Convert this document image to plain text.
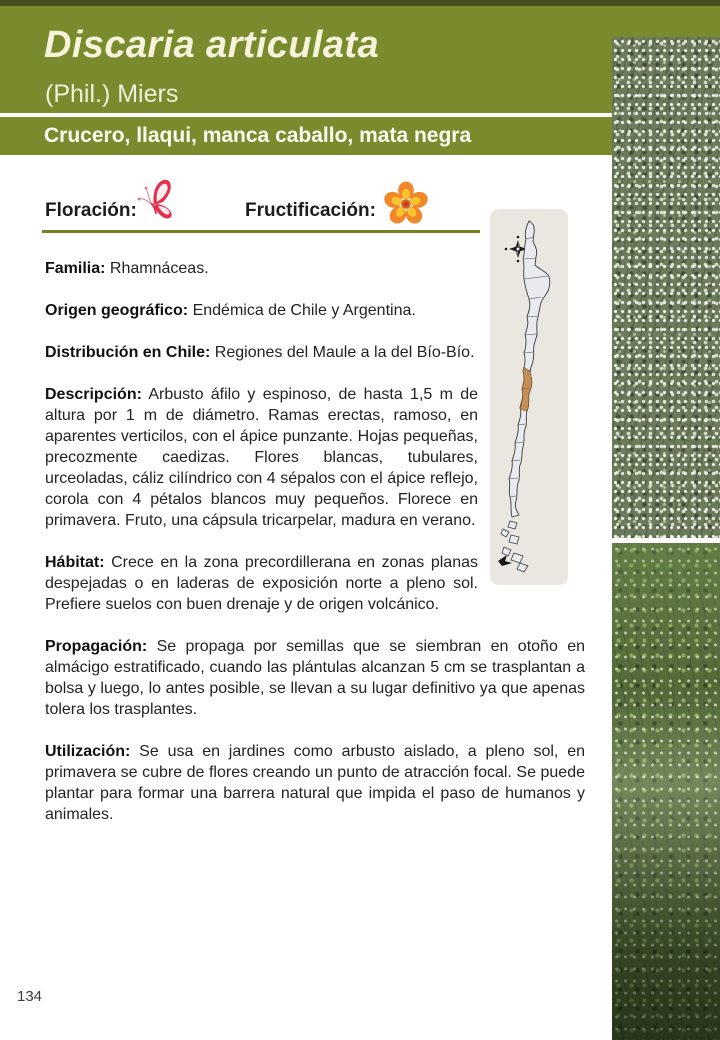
Discaria articulata
(Phil.) Miers
Crucero, llaqui, manca caballo, mata negra
Floración:	Fructificación:

Familia: Rhamnáceas.

Origen geográfico: Endémica de Chile y Argentina.

Distribución en Chile: Regiones del Maule a la del Bío-Bío.

Descripción: Arbusto áfilo y espinoso, de hasta 1,5 m de altura por 1 m de diámetro. Ramas erectas, ramoso, en aparentes verticilos, con el ápice punzante. Hojas pequeñas, precozmente caedizas. Flores blancas, tubulares, urceoladas, cáliz cilíndrico con 4 sépalos con el ápice reflejo, corola con 4 pétalos blancos muy pequeños. Florece en primavera. Fruto, una cápsula tricarpelar, madura en verano.

Hábitat: Crece en la zona precordillerana en zonas planas despejadas o en laderas de exposición norte a pleno sol. Prefiere suelos con buen drenaje y de origen volcánico.

Propagación: Se propaga por semillas que se siembran en otoño en almácigo estratificado, cuando las plántulas alcanzan 5 cm se trasplantan a bolsa y luego, lo antes posible, se llevan a su lugar definitivo ya que apenas tolera los trasplantes.

Utilización: Se usa en jardines como arbusto aislado, a pleno sol, en primavera se cubre de flores creando un punto de atracción focal. Se puede plantar para formar una barrera natural que impida el paso de humanos y animales.

134
